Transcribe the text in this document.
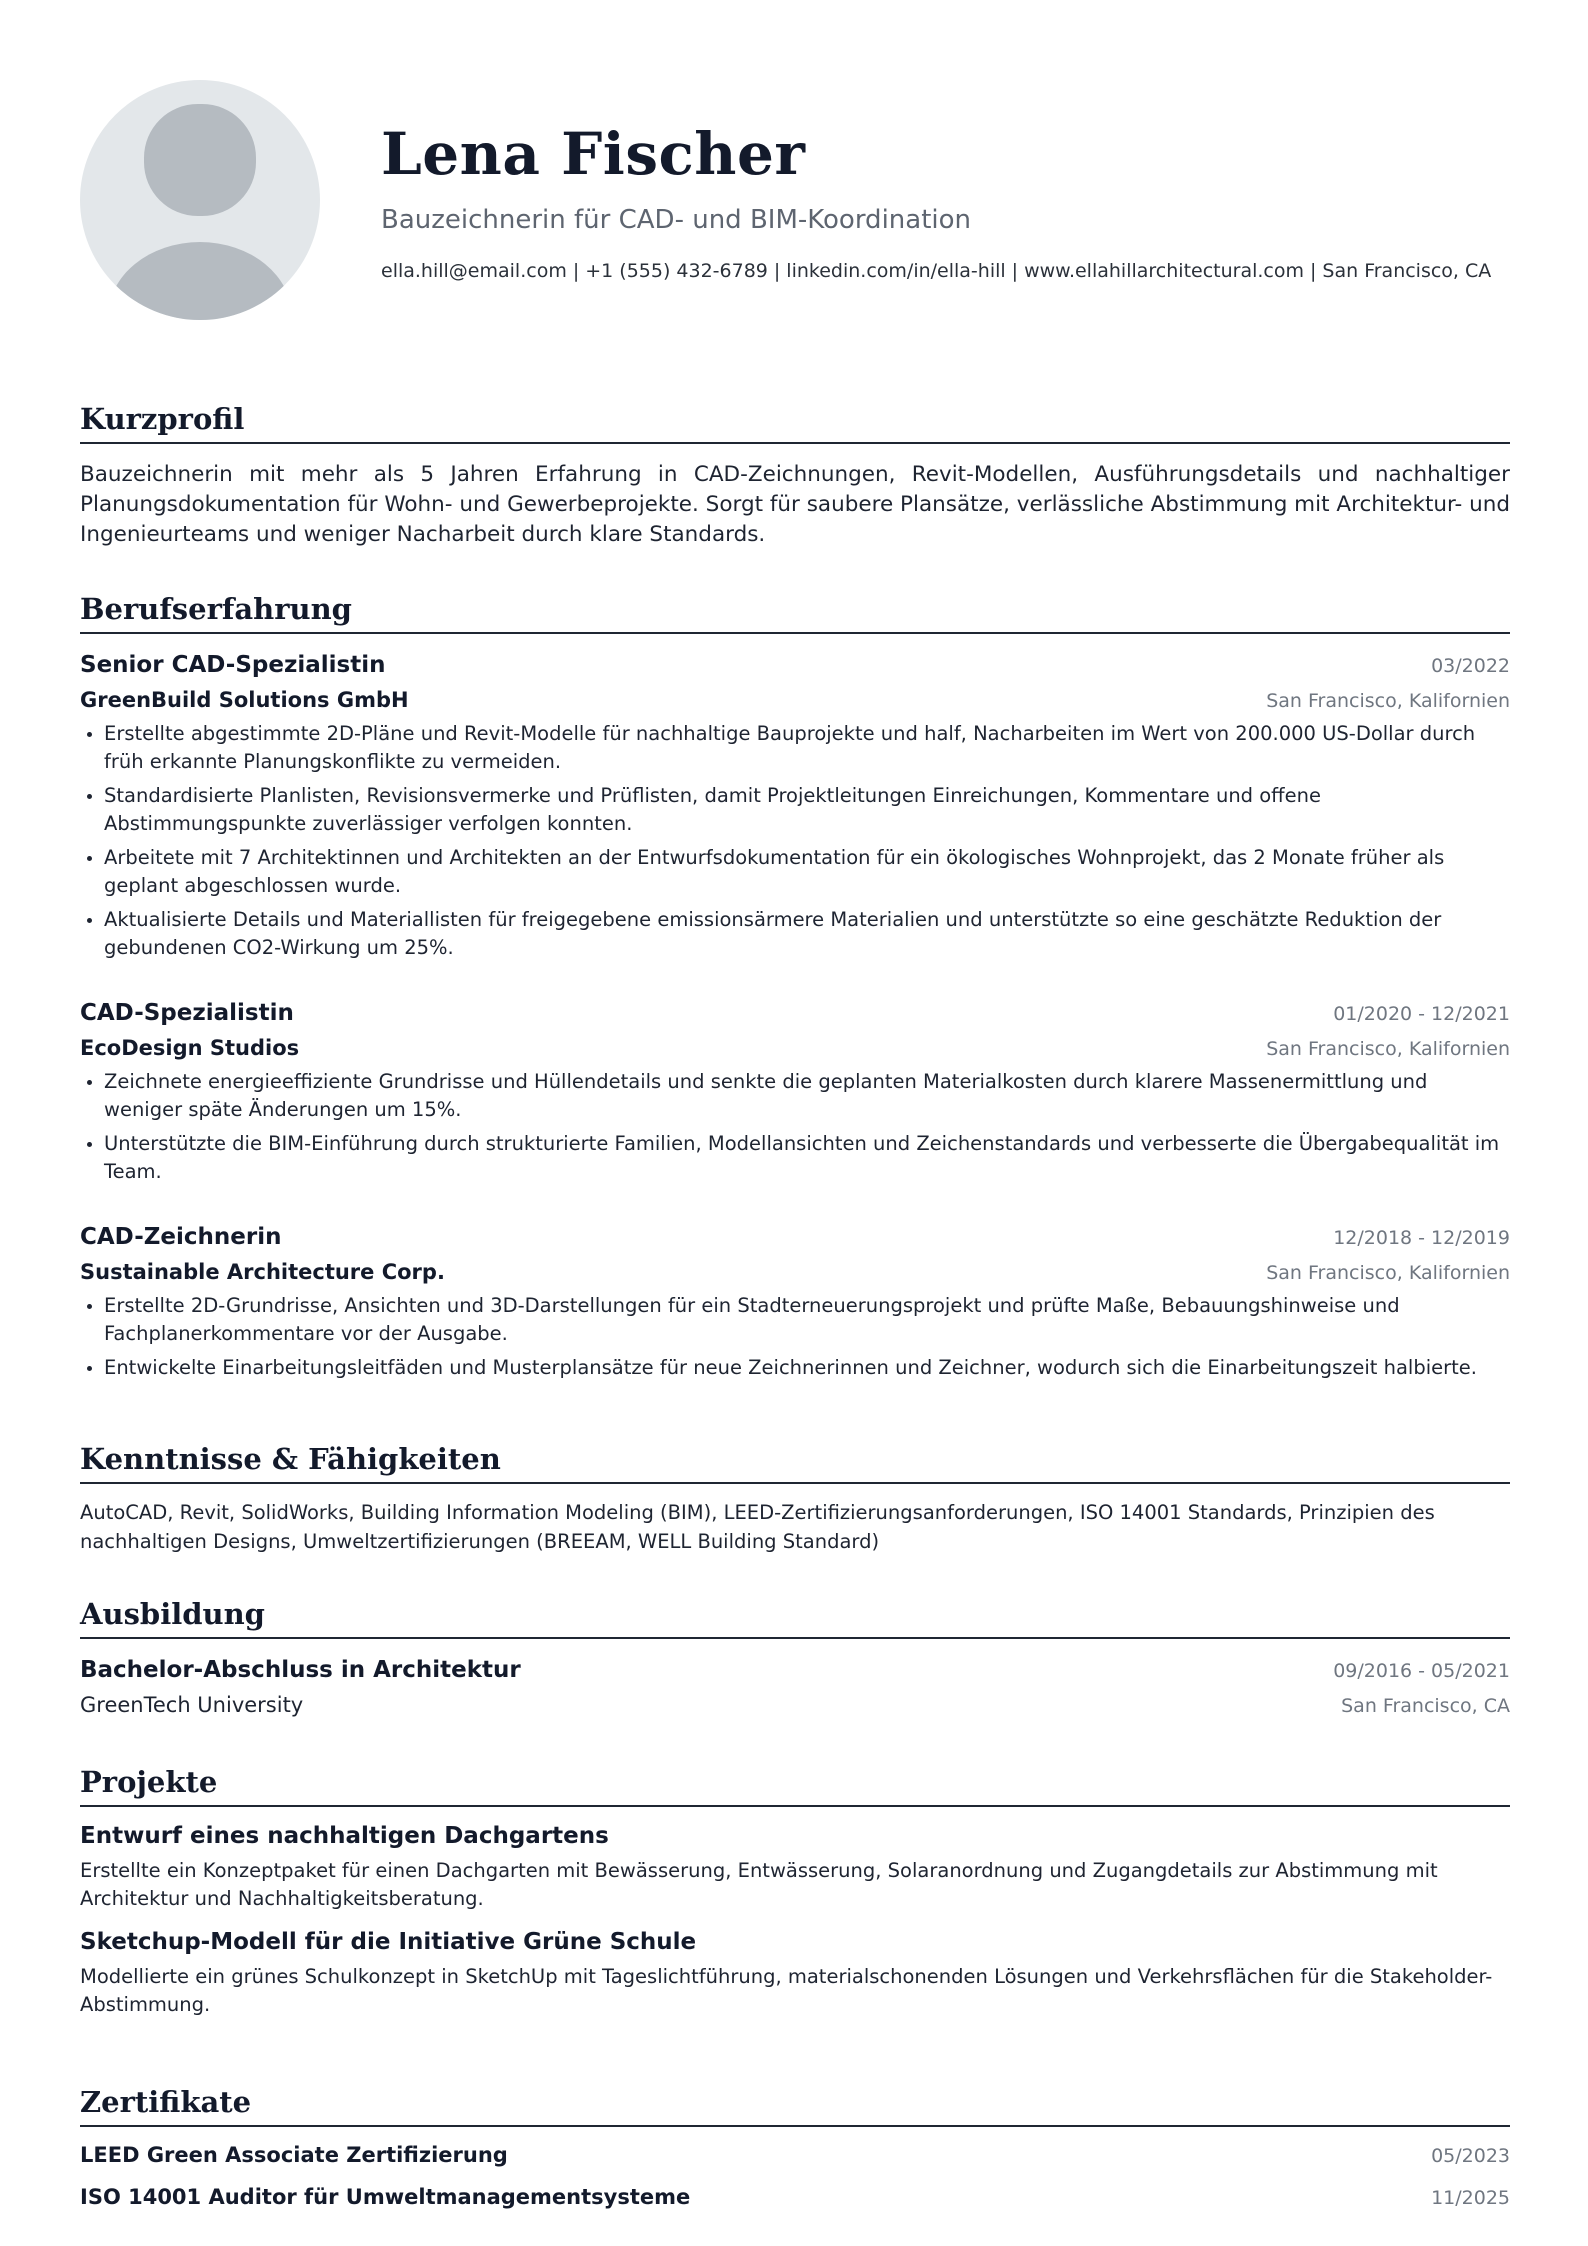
Lena Fischer
Bauzeichnerin für CAD- und BIM-Koordination
ella.hill@email.com | +1 (555) 432-6789 | linkedin.com/in/ella-hill | www.ellahillarchitectural.com | San Francisco, CA
Kurzprofil
Bauzeichnerin mit mehr als 5 Jahren Erfahrung in CAD-Zeichnungen, Revit-Modellen, Ausführungsdetails und nachhaltiger Planungsdokumentation für Wohn- und Gewerbeprojekte. Sorgt für saubere Plansätze, verlässliche Abstimmung mit Architektur- und Ingenieurteams und weniger Nacharbeit durch klare Standards.
Berufserfahrung
Senior CAD-Spezialistin	03/2022
GreenBuild Solutions GmbH	San Francisco, Kalifornien
• Erstellte abgestimmte 2D-Pläne und Revit-Modelle für nachhaltige Bauprojekte und half, Nacharbeiten im Wert von 200.000 US-Dollar durch früh erkannte Planungskonflikte zu vermeiden.
• Standardisierte Planlisten, Revisionsvermerke und Prüflisten, damit Projektleitungen Einreichungen, Kommentare und offene Abstimmungspunkte zuverlässiger verfolgen konnten.
• Arbeitete mit 7 Architektinnen und Architekten an der Entwurfsdokumentation für ein ökologisches Wohnprojekt, das 2 Monate früher als geplant abgeschlossen wurde.
• Aktualisierte Details und Materiallisten für freigegebene emissionsärmere Materialien und unterstützte so eine geschätzte Reduktion der gebundenen CO2-Wirkung um 25%.
CAD-Spezialistin	01/2020 - 12/2021
EcoDesign Studios	San Francisco, Kalifornien
• Zeichnete energieeffiziente Grundrisse und Hüllendetails und senkte die geplanten Materialkosten durch klarere Massenermittlung und weniger späte Änderungen um 15%.
• Unterstützte die BIM-Einführung durch strukturierte Familien, Modellansichten und Zeichenstandards und verbesserte die Übergabequalität im Team.
CAD-Zeichnerin	12/2018 - 12/2019
Sustainable Architecture Corp.	San Francisco, Kalifornien
• Erstellte 2D-Grundrisse, Ansichten und 3D-Darstellungen für ein Stadterneuerungsprojekt und prüfte Maße, Bebauungshinweise und Fachplanerkommentare vor der Ausgabe.
• Entwickelte Einarbeitungsleitfäden und Musterplansätze für neue Zeichnerinnen und Zeichner, wodurch sich die Einarbeitungszeit halbierte.
Kenntnisse & Fähigkeiten
AutoCAD, Revit, SolidWorks, Building Information Modeling (BIM), LEED-Zertifizierungsanforderungen, ISO 14001 Standards, Prinzipien des nachhaltigen Designs, Umweltzertifizierungen (BREEAM, WELL Building Standard)
Ausbildung
Bachelor-Abschluss in Architektur	09/2016 - 05/2021
GreenTech University	San Francisco, CA
Projekte
Entwurf eines nachhaltigen Dachgartens
Erstellte ein Konzeptpaket für einen Dachgarten mit Bewässerung, Entwässerung, Solaranordnung und Zugangdetails zur Abstimmung mit Architektur und Nachhaltigkeitsberatung.
Sketchup-Modell für die Initiative Grüne Schule
Modellierte ein grünes Schulkonzept in SketchUp mit Tageslichtführung, materialschonenden Lösungen und Verkehrsflächen für die Stakeholder-Abstimmung.
Zertifikate
LEED Green Associate Zertifizierung	05/2023
ISO 14001 Auditor für Umweltmanagementsysteme	11/2025
